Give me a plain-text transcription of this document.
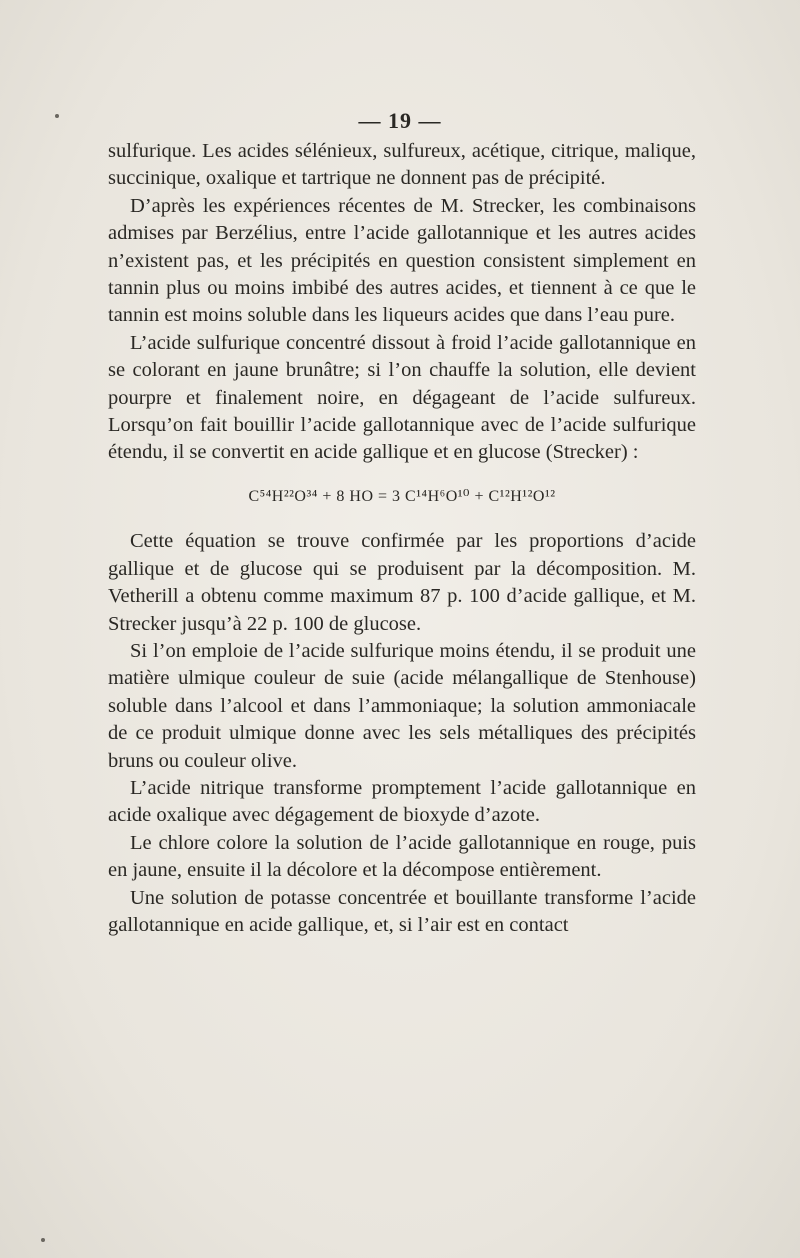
— 19 —

sulfurique. Les acides sélénieux, sulfureux, acétique, citrique, malique, succinique, oxalique et tartrique ne donnent pas de précipité.

D’après les expériences récentes de M. Strecker, les combinaisons admises par Berzélius, entre l’acide gallotannique et les autres acides n’existent pas, et les précipités en question consistent simplement en tannin plus ou moins imbibé des autres acides, et tiennent à ce que le tannin est moins soluble dans les liqueurs acides que dans l’eau pure.

L’acide sulfurique concentré dissout à froid l’acide gallotannique en se colorant en jaune brunâtre; si l’on chauffe la solution, elle devient pourpre et finalement noire, en dégageant de l’acide sulfureux. Lorsqu’on fait bouillir l’acide gallotannique avec de l’acide sulfurique étendu, il se convertit en acide gallique et en glucose (Strecker) :

C⁵⁴H²²O³⁴ + 8 HO = 3 C¹⁴H⁶O¹⁰ + C¹²H¹²O¹²

Cette équation se trouve confirmée par les proportions d’acide gallique et de glucose qui se produisent par la décomposition. M. Vetherill a obtenu comme maximum 87 p. 100 d’acide gallique, et M. Strecker jusqu’à 22 p. 100 de glucose.

Si l’on emploie de l’acide sulfurique moins étendu, il se produit une matière ulmique couleur de suie (acide mélangallique de Stenhouse) soluble dans l’alcool et dans l’ammoniaque; la solution ammoniacale de ce produit ulmique donne avec les sels métalliques des précipités bruns ou couleur olive.

L’acide nitrique transforme promptement l’acide gallotannique en acide oxalique avec dégagement de bioxyde d’azote.

Le chlore colore la solution de l’acide gallotannique en rouge, puis en jaune, ensuite il la décolore et la décompose entièrement.

Une solution de potasse concentrée et bouillante transforme l’acide gallotannique en acide gallique, et, si l’air est en contact
